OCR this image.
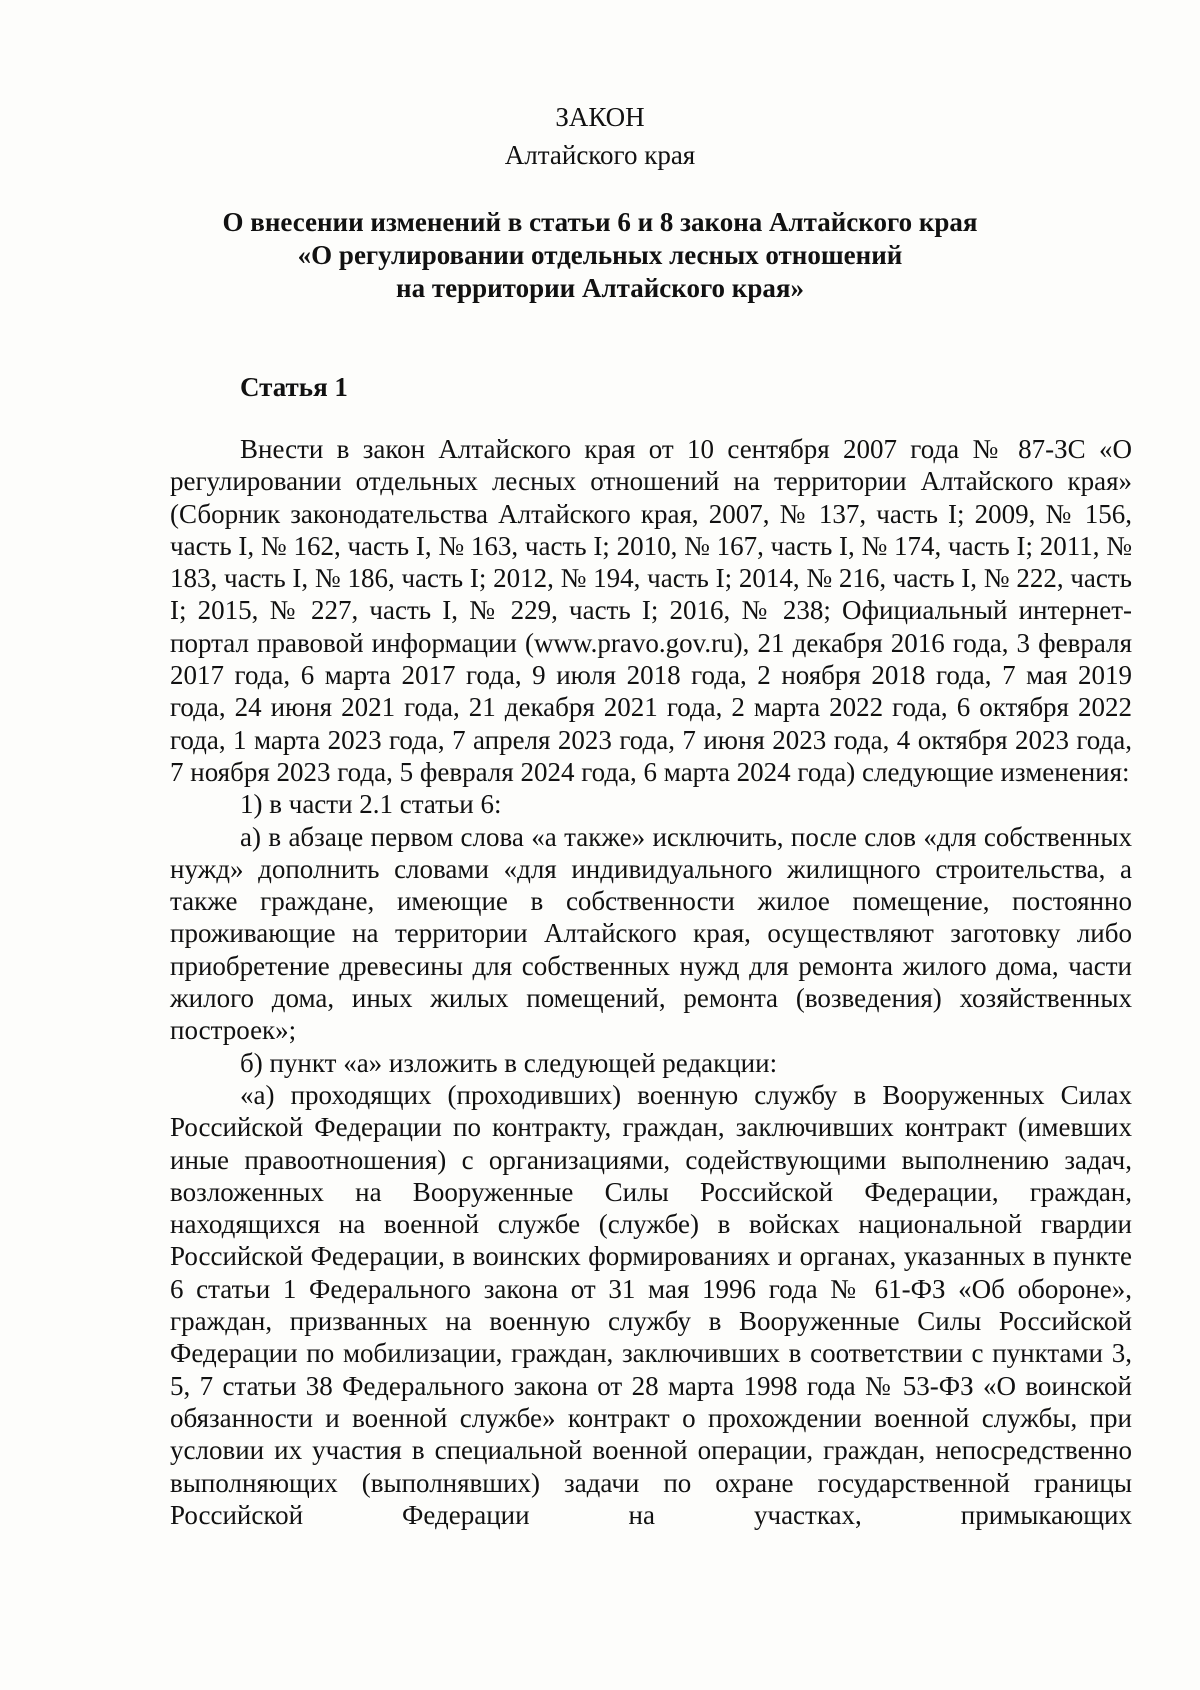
ЗАКОН
Алтайского края
О внесении изменений в статьи 6 и 8 закона Алтайского края
«О регулировании отдельных лесных отношений
на территории Алтайского края»
Статья 1

Внести в закон Алтайского края от 10 сентября 2007 года № 87-ЗС «О регулировании отдельных лесных отношений на территории Алтайского края» (Сборник законодательства Алтайского края, 2007, № 137, часть I; 2009, № 156, часть I, № 162, часть I, № 163, часть I; 2010, № 167, часть I, № 174, часть I; 2011, № 183, часть I, № 186, часть I; 2012, № 194, часть I; 2014, № 216, часть I, № 222, часть I; 2015, № 227, часть I, № 229, часть I; 2016, № 238; Официальный интернет-портал правовой информации (www.pravo.gov.ru), 21 декабря 2016 года, 3 февраля 2017 года, 6 марта 2017 года, 9 июля 2018 года, 2 ноября 2018 года, 7 мая 2019 года, 24 июня 2021 года, 21 декабря 2021 года, 2 марта 2022 года, 6 октября 2022 года, 1 марта 2023 года, 7 апреля 2023 года, 7 июня 2023 года, 4 октября 2023 года, 7 ноября 2023 года, 5 февраля 2024 года, 6 марта 2024 года) следующие изменения:

1) в части 2.1 статьи 6:

а) в абзаце первом слова «а также» исключить, после слов «для собственных нужд» дополнить словами «для индивидуального жилищного строительства, а также граждане, имеющие в собственности жилое помещение, постоянно проживающие на территории Алтайского края, осуществляют заготовку либо приобретение древесины для собственных нужд для ремонта жилого дома, части жилого дома, иных жилых помещений, ремонта (возведения) хозяйственных построек»;

б) пункт «а» изложить в следующей редакции:

«а) проходящих (проходивших) военную службу в Вооруженных Силах Российской Федерации по контракту, граждан, заключивших контракт (имевших иные правоотношения) с организациями, содействующими выполнению задач, возложенных на Вооруженные Силы Российской Федерации, граждан, находящихся на военной службе (службе) в войсках национальной гвардии Российской Федерации, в воинских формированиях и органах, указанных в пункте 6 статьи 1 Федерального закона от 31 мая 1996 года № 61-ФЗ «Об обороне», граждан, призванных на военную службу в Вооруженные Силы Российской Федерации по мобилизации, граждан, заключивших в соответствии с пунктами 3, 5, 7 статьи 38 Федерального закона от 28 марта 1998 года № 53-ФЗ «О воинской обязанности и военной службе» контракт о прохождении военной службы, при условии их участия в специальной военной операции, граждан, непосредственно выполняющих (выполнявших) задачи по охране государственной границы Российской Федерации на участках, примыкающих
